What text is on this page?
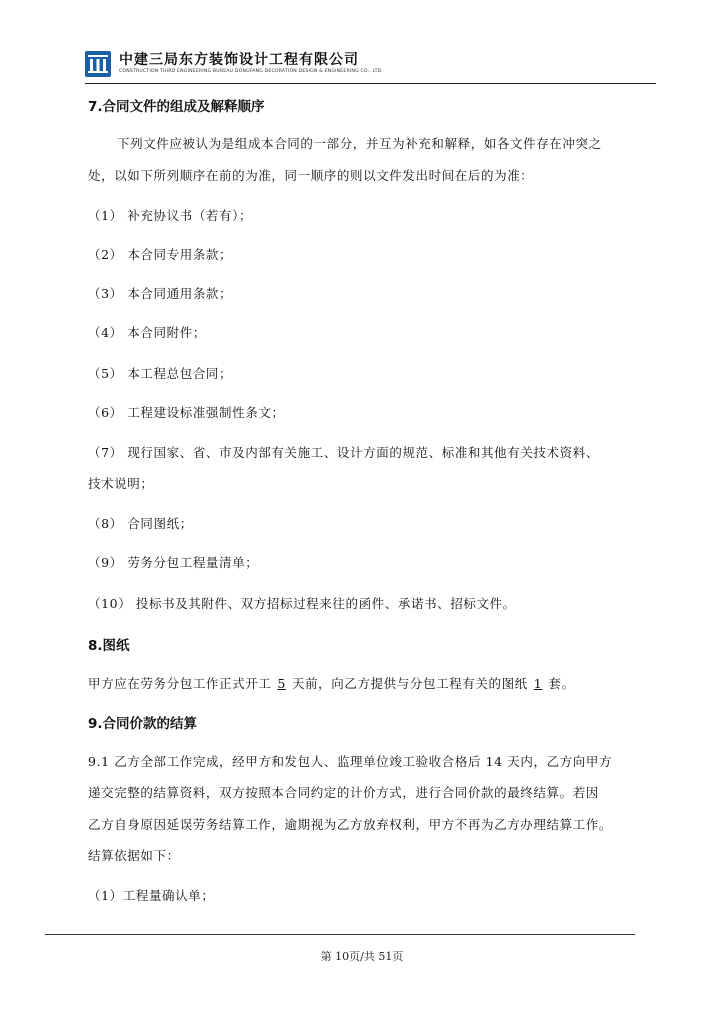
中建三局东方装饰设计工程有限公司
CONSTRUCTION THIRD ENGINEERING BUREAU DONGFANG DECORATION DESIGN & ENGINEERING CO., LTD.
7.合同文件的组成及解释顺序
下列文件应被认为是组成本合同的一部分，并互为补充和解释，如各文件存在冲突之
处，以如下所列顺序在前的为准，同一顺序的则以文件发出时间在后的为准：
（1） 补充协议书（若有）；
（2） 本合同专用条款；
（3） 本合同通用条款；
（4） 本合同附件；
（5） 本工程总包合同；
（6） 工程建设标准强制性条文；
（7） 现行国家、省、市及内部有关施工、设计方面的规范、标准和其他有关技术资料、
技术说明；
（8） 合同图纸；
（9） 劳务分包工程量清单；
（10） 投标书及其附件、双方招标过程来往的函件、承诺书、招标文件。
8.图纸
甲方应在劳务分包工作正式开工 5 天前，向乙方提供与分包工程有关的图纸 1 套。
9.合同价款的结算
9.1 乙方全部工作完成，经甲方和发包人、监理单位竣工验收合格后 14 天内，乙方向甲方
递交完整的结算资料，双方按照本合同约定的计价方式，进行合同价款的最终结算。若因
乙方自身原因延误劳务结算工作，逾期视为乙方放弃权利，甲方不再为乙方办理结算工作。
结算依据如下：
（1）工程量确认单；
第 10页/共 51页
